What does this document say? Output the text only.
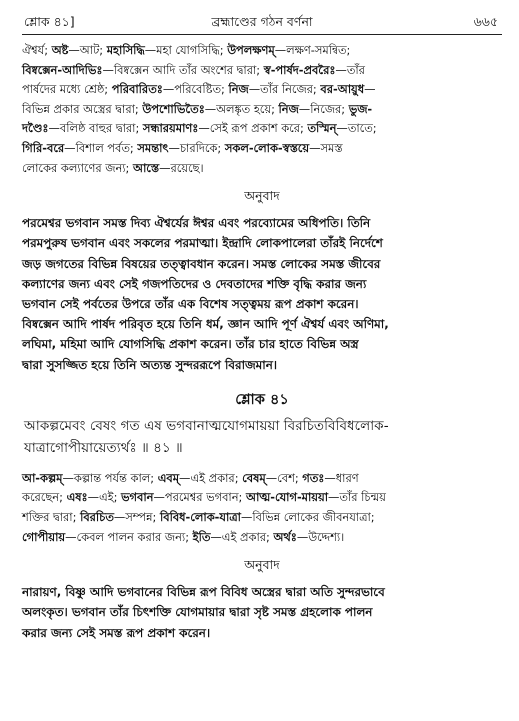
শ্লোক ৪১]	ব্রহ্মাণ্ডের গঠন বর্ণনা	৬৬৫
ঐশ্বর্য; অষ্ট—আট; মহাসিদ্ধি—মহা যোগসিদ্ধি; উপলক্ষণম্—লক্ষণ-সমন্বিত;
বিষ্বক্সেন-আদিভিঃ—বিষ্বক্সেন আদি তাঁর অংশের দ্বারা; স্ব-পার্ষদ-প্রবরৈঃ—তাঁর
পার্ষদের মধ্যে শ্রেষ্ঠ; পরিবারিতঃ—পরিবেষ্টিত; নিজ—তাঁর নিজের; বর-আয়ুধ—
বিভিন্ন প্রকার অস্ত্রের দ্বারা; উপশোভিতৈঃ—অলঙ্কৃত হয়ে; নিজ—নিজের; ভুজ-
দণ্ডৈঃ—বলিষ্ঠ বাহুর দ্বারা; সন্ধারয়মাণঃ—সেই রূপ প্রকাশ করে; তস্মিন্—তাতে;
গিরি-বরে—বিশাল পর্বত; সমন্তাৎ—চারদিকে; সকল-লোক-স্বস্তয়ে—সমস্ত
লোকের কল্যাণের জন্য; আস্তে—রয়েছে।
অনুবাদ
পরমেশ্বর ভগবান সমস্ত দিব্য ঐশ্বর্যের ঈশ্বর এবং পরব্যোমের অধিপতি। তিনি
পরমপুরুষ ভগবান এবং সকলের পরমাত্মা। ইন্দ্রাদি লোকপালেরা তাঁরই নির্দেশে
জড় জগতের বিভিন্ন বিষয়ের তত্ত্বাবধান করেন। সমস্ত লোকের সমস্ত জীবের
কল্যাণের জন্য এবং সেই গজপতিদের ও দেবতাদের শক্তি বৃদ্ধি করার জন্য
ভগবান সেই পর্বতের উপরে তাঁর এক বিশেষ সত্ত্বময় রূপ প্রকাশ করেন।
বিষ্বক্সেন আদি পার্ষদ পরিবৃত হয়ে তিনি ধর্ম, জ্ঞান আদি পূর্ণ ঐশ্বর্য এবং অণিমা,
লঘিমা, মহিমা আদি যোগসিদ্ধি প্রকাশ করেন। তাঁর চার হাতে বিভিন্ন অস্ত্র
দ্বারা সুসজ্জিত হয়ে তিনি অত্যন্ত সুন্দররূপে বিরাজমান।
শ্লোক ৪১
আকল্পমেবং বেষং গত এষ ভগবানাত্মযোগমায়য়া বিরচিতবিবিধলোক-
যাত্রাগোপীয়ায়েত্যর্থঃ ॥ ৪১ ॥
আ-কল্পম্—কল্পান্ত পর্যন্ত কাল; এবম্—এই প্রকার; বেষম্—বেশ; গতঃ—ধারণ
করেছেন; এষঃ—এই; ভগবান—পরমেশ্বর ভগবান; আত্ম-যোগ-মায়য়া—তাঁর চিন্ময়
শক্তির দ্বারা; বিরচিত—সম্পন্ন; বিবিধ-লোক-যাত্রা—বিভিন্ন লোকের জীবনযাত্রা;
গোপীয়ায়—কেবল পালন করার জন্য; ইতি—এই প্রকার; অর্থঃ—উদ্দেশ্য।
অনুবাদ
নারায়ণ, বিষ্ণু আদি ভগবানের বিভিন্ন রূপ বিবিধ অস্ত্রের দ্বারা অতি সুন্দরভাবে
অলংকৃত। ভগবান তাঁর চিৎশক্তি যোগমায়ার দ্বারা সৃষ্ট সমস্ত গ্রহলোক পালন
করার জন্য সেই সমস্ত রূপ প্রকাশ করেন।
